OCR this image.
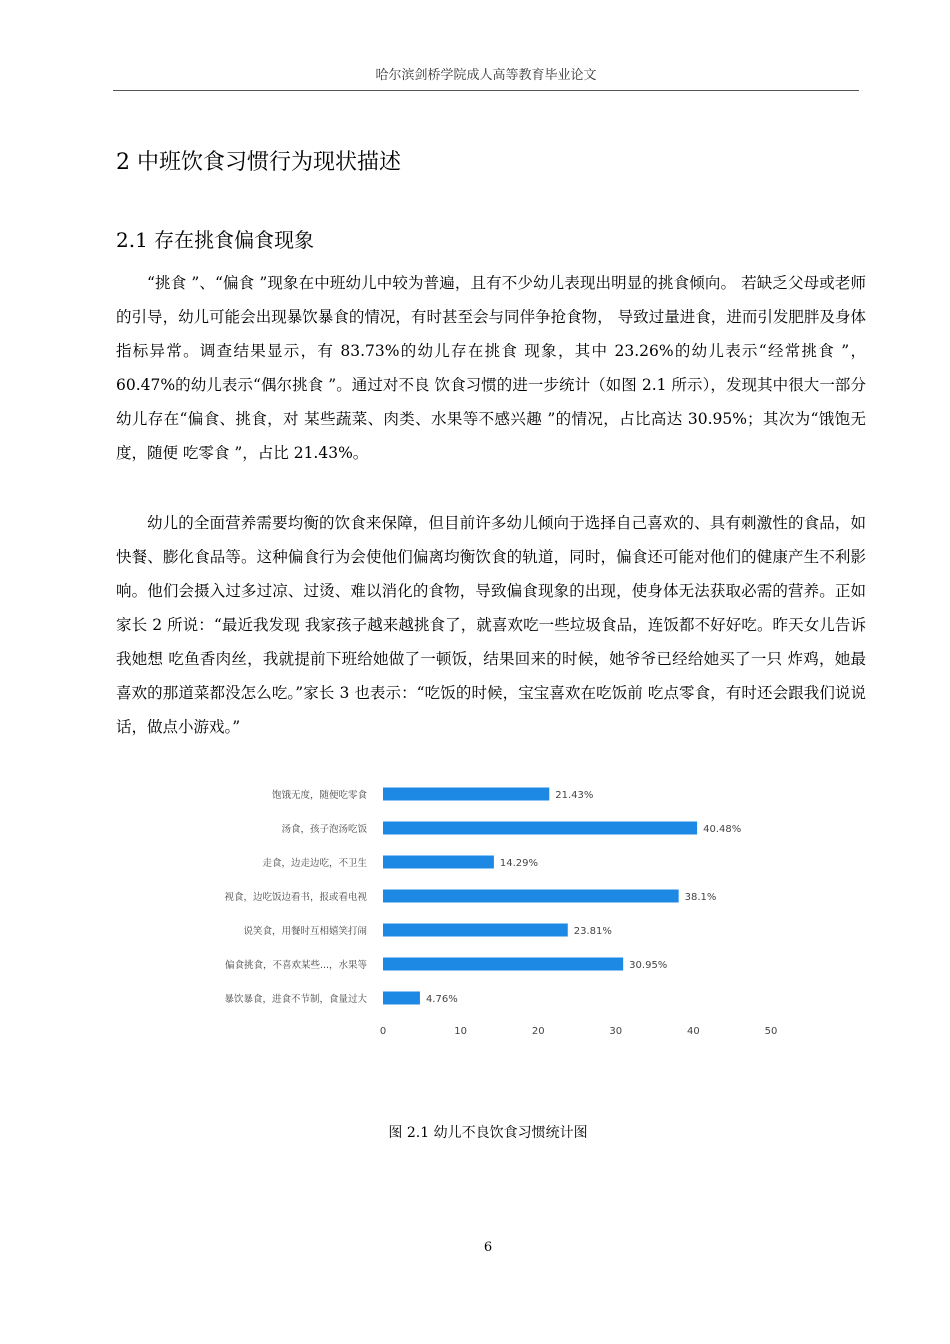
哈尔滨剑桥学院成人高等教育毕业论文
2 中班饮食习惯行为现状描述
2.1 存在挑食偏食现象

“挑食 ”、“偏食 ”现象在中班幼儿中较为普遍，且有不少幼儿表现出明显的挑食倾向。 若缺乏父母或老师的引导，幼儿可能会出现暴饮暴食的情况，有时甚至会与同伴争抢食物， 导致过量进食，进而引发肥胖及身体指标异常。调查结果显示，有 83.73%的幼儿存在挑食 现象，其中 23.26%的幼儿表示“经常挑食 ”，60.47%的幼儿表示“偶尔挑食 ”。通过对不良 饮食习惯的进一步统计（如图 2.1 所示），发现其中很大一部分幼儿存在“偏食、挑食，对 某些蔬菜、肉类、水果等不感兴趣 ”的情况，占比高达 30.95%；其次为“饿饱无度，随便 吃零食 ”，占比 21.43%。

幼儿的全面营养需要均衡的饮食来保障，但目前许多幼儿倾向于选择自己喜欢的、具有刺激性的食品，如快餐、膨化食品等。这种偏食行为会使他们偏离均衡饮食的轨道，同时，偏食还可能对他们的健康产生不利影响。他们会摄入过多过凉、过烫、难以消化的食物，导致偏食现象的出现，使身体无法获取必需的营养。正如家长 2 所说：“最近我发现 我家孩子越来越挑食了，就喜欢吃一些垃圾食品，连饭都不好好吃。昨天女儿告诉我她想 吃鱼香肉丝，我就提前下班给她做了一顿饭，结果回来的时候，她爷爷已经给她买了一只 炸鸡，她最喜欢的那道菜都没怎么吃。”家长 3 也表示：“吃饭的时候，宝宝喜欢在吃饭前 吃点零食，有时还会跟我们说说话，做点小游戏。”

饱饿无度，随便吃零食	21.43%
汤食，孩子泡汤吃饭	40.48%
走食，边走边吃，不卫生	14.29%
视食，边吃饭边看书，报或看电视	38.1%
说笑食，用餐时互相嬉笑打闹	23.81%
偏食挑食，不喜欢某些...，水果等	30.95%
暴饮暴食，进食不节制，食量过大	4.76%
0	10	20	30	40	50
图 2.1 幼儿不良饮食习惯统计图
6
